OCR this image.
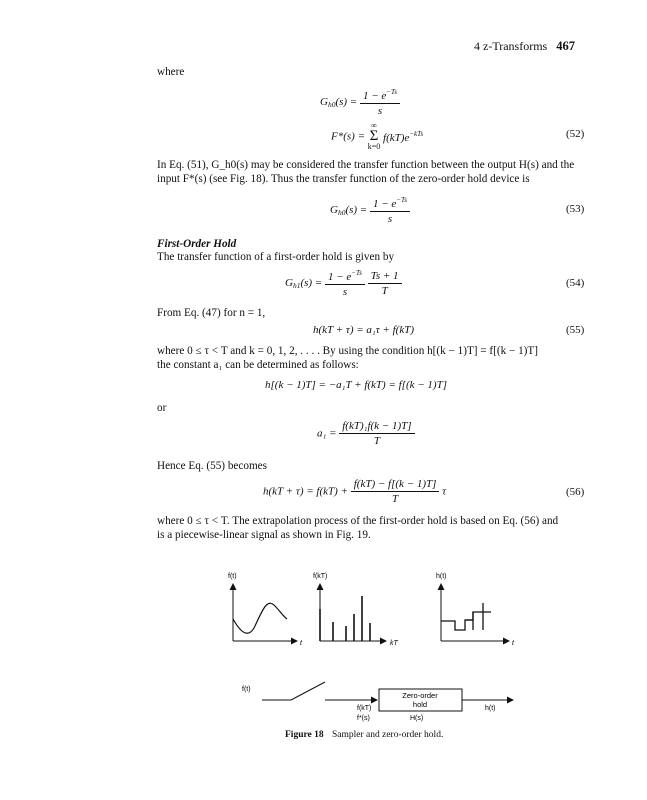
4 z-Transforms 467
where
$G_{h0}(s) = \frac{1 - e^{-Ts}}{s}$
F*(s) =
∞
Σ
k=0
$f(kT)e^{-kTs}$	(52)
In Eq. (51), G_h0(s) may be considered the transfer function between the output H(s) and the
input F*(s) (see Fig. 18). Thus the transfer function of the zero-order hold device is
$G_{h0}(s) = \frac{1 - e^{-Ts}}{s}$	(53)
First-Order Hold
The transfer function of a first-order hold is given by
$G_{h1}(s) = \frac{1 - e^{-Ts}}{s}$
$\frac{Ts + 1}{T}$	(54)
From Eq. (47) for n = 1,
h(kT + τ) = a₁τ + f(kT)	(55)
where 0 ≤ τ < T and k = 0, 1, 2, . . . . By using the condition h[(k − 1)T] = f[(k − 1)T]
the constant a₁ can be determined as follows:
h[(k − 1)T] = −a₁T + f(kT) = f[(k − 1)T]
or
$a_1 = \frac{\text{f(kT)₁f(k − 1)T]}}{T}$
Hence Eq. (55) becomes
$h(kT + \tau) = f(kT) + \frac{f(kT) - f[(k - 1)T]}{T}$ τ	(56)
where 0 ≤ τ < T. The extrapolation process of the first-order hold is based on Eq. (56) and
is a piecewise-linear signal as shown in Fig. 19.
f(t)
t
f(kT)
kT
h(t)
t
f(t)
f(kT)
f*(s)
Zero-order
hold
H(s)
h(t)
Figure 18 Sampler and zero-order hold.
